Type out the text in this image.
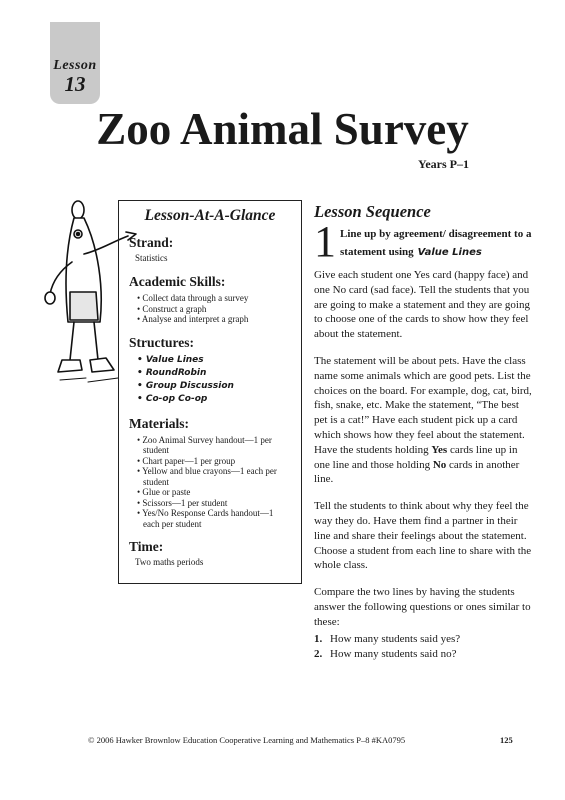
Lesson
13
Zoo Animal Survey
Years P–1
Lesson-At-A-Glance

Strand:

Statistics

Academic Skills:

• Collect data through a survey
• Construct a graph
• Analyse and interpret a graph

Structures:

• Value Lines
• RoundRobin
• Group Discussion
• Co-op Co-op

Materials:

• Zoo Animal Survey handout—1 per student
• Chart paper—1 per group
• Yellow and blue crayons—1 each per student
• Glue or paste
• Scissors—1 per student
• Yes/No Response Cards handout—1 each per student

Time:

Two maths periods

Lesson Sequence
1 Line up by agreement/ disagreement to a statement using Value Lines

Give each student one Yes card (happy face) and one No card (sad face). Tell the students that you are going to make a statement and they are going to choose one of the cards to show how they feel about the statement.

The statement will be about pets. Have the class name some animals which are good pets. List the choices on the board. For example, dog, cat, bird, fish, snake, etc. Make the statement, “The best pet is a cat!” Have each student pick up a card which shows how they feel about the statement. Have the students holding Yes cards line up in one line and those holding No cards in another line.

Tell the students to think about why they feel the way they do. Have them find a partner in their line and share their feelings about the statement. Choose a student from each line to share with the whole class.

Compare the two lines by having the students answer the following questions or ones similar to these:

1. How many students said yes?
2. How many students said no?
© 2006 Hawker Brownlow Education Cooperative Learning and Mathematics P–8 #KA0795	125
